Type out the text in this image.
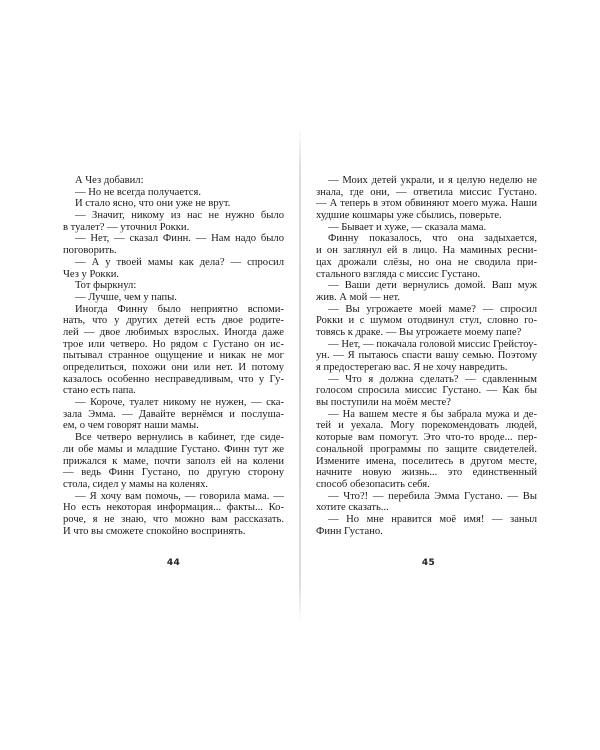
А Чез добавил:
— Но не всегда получается.
И стало ясно, что они уже не врут.
— Значит, никому из нас не нужно было
в туалет? — уточнил Рокки.
— Нет, — сказал Финн. — Нам надо было
поговорить.
— А у твоей мамы как дела? — спросил
Чез у Рокки.
Тот фыркнул:
— Лучше, чем у папы.
Иногда Финну было неприятно вспоми-
нать, что у других детей есть двое родите-
лей — двое любимых взрослых. Иногда даже
трое или четверо. Но рядом с Густано он ис-
пытывал странное ощущение и никак не мог
определиться, похожи они или нет. И потому
казалось особенно несправедливым, что у Гу-
стано есть папа.
— Короче, туалет никому не нужен, — ска-
зала Эмма. — Давайте вернёмся и послуша-
ем, о чем говорят наши мамы.
Все четверо вернулись в кабинет, где сиде-
ли обе мамы и младшие Густано. Финн тут же
прижался к маме, почти заполз ей на колени
— ведь Финн Густано, по другую сторону
стола, сидел у мамы на коленях.
— Я хочу вам помочь, — говорила мама. —
Но есть некоторая информация... факты... Ко-
роче, я не знаю, что можно вам рассказать.
И что вы сможете спокойно воспринять.
44
— Моих детей украли, и я целую неделю не
знала, где они, — ответила миссис Густано.
— А теперь в этом обвиняют моего мужа. Наши
худшие кошмары уже сбылись, поверьте.
— Бывает и хуже, — сказала мама.
Финну показалось, что она задыхается,
и он заглянул ей в лицо. На маминых ресни-
цах дрожали слёзы, но она не сводила при-
стального взгляда с миссис Густано.
— Ваши дети вернулись домой. Ваш муж
жив. А мой — нет.
— Вы угрожаете моей маме? — спросил
Рокки и с шумом отодвинул стул, словно го-
товясь к драке. — Вы угрожаете моему папе?
— Нет, — покачала головой миссис Грейстоу-
ун. — Я пытаюсь спасти вашу семью. Поэтому
я предостерегаю вас. Я не хочу навредить.
— Что я должна сделать? — сдавленным
голосом спросила миссис Густано. — Как бы
вы поступили на моём месте?
— На вашем месте я бы забрала мужа и де-
тей и уехала. Могу порекомендовать людей,
которые вам помогут. Это что-то вроде... пер-
сональной программы по защите свидетелей.
Измените имена, поселитесь в другом месте,
начните новую жизнь... это единственный
способ обезопасить себя.
— Что?! — перебила Эмма Густано. — Вы
хотите сказать...
— Но мне нравится моё имя! — заныл
Финн Густано.
45
